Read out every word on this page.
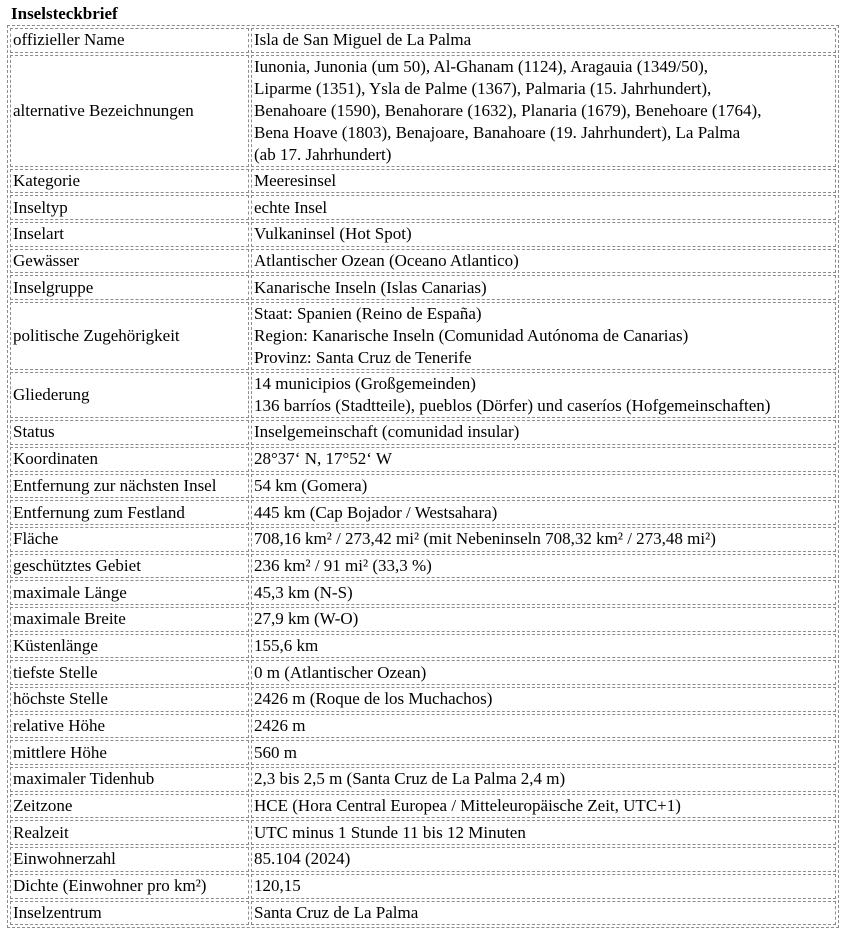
Inselsteckbrief
offizieller Name	Isla de San Miguel de La Palma

alternative Bezeichnungen	Iunonia, Junonia (um 50), Al-Ghanam (1124), Aragauia (1349/50),
Liparme (1351), Ysla de Palme (1367), Palmaria (15. Jahrhundert),
Benahoare (1590), Benahorare (1632), Planaria (1679), Benehoare (1764),
Bena Hoave (1803), Benajoare, Banahoare (19. Jahrhundert), La Palma
(ab 17. Jahrhundert)

Kategorie	Meeresinsel

Inseltyp	echte Insel

Inselart	Vulkaninsel (Hot Spot)

Gewässer	Atlantischer Ozean (Oceano Atlantico)

Inselgruppe	Kanarische Inseln (Islas Canarias)

politische Zugehörigkeit	Staat: Spanien (Reino de España)
Region: Kanarische Inseln (Comunidad Autónoma de Canarias)
Provinz: Santa Cruz de Tenerife

Gliederung	14 municipios (Großgemeinden)
136 barríos (Stadtteile), pueblos (Dörfer) und caseríos (Hofgemeinschaften)

Status	Inselgemeinschaft (comunidad insular)

Koordinaten	28°37‘ N, 17°52‘ W

Entfernung zur nächsten Insel	54 km (Gomera)

Entfernung zum Festland	445 km (Cap Bojador / Westsahara)

Fläche	708,16 km² / 273,42 mi² (mit Nebeninseln 708,32 km² / 273,48 mi²)

geschütztes Gebiet	236 km² / 91 mi² (33,3 %)

maximale Länge	45,3 km (N-S)

maximale Breite	27,9 km (W-O)

Küstenlänge	155,6 km

tiefste Stelle	0 m (Atlantischer Ozean)

höchste Stelle	2426 m (Roque de los Muchachos)

relative Höhe	2426 m

mittlere Höhe	560 m

maximaler Tidenhub	2,3 bis 2,5 m (Santa Cruz de La Palma 2,4 m)

Zeitzone	HCE (Hora Central Europea / Mitteleuropäische Zeit, UTC+1)

Realzeit	UTC minus 1 Stunde 11 bis 12 Minuten

Einwohnerzahl	85.104 (2024)

Dichte (Einwohner pro km²)	120,15

Inselzentrum	Santa Cruz de La Palma
